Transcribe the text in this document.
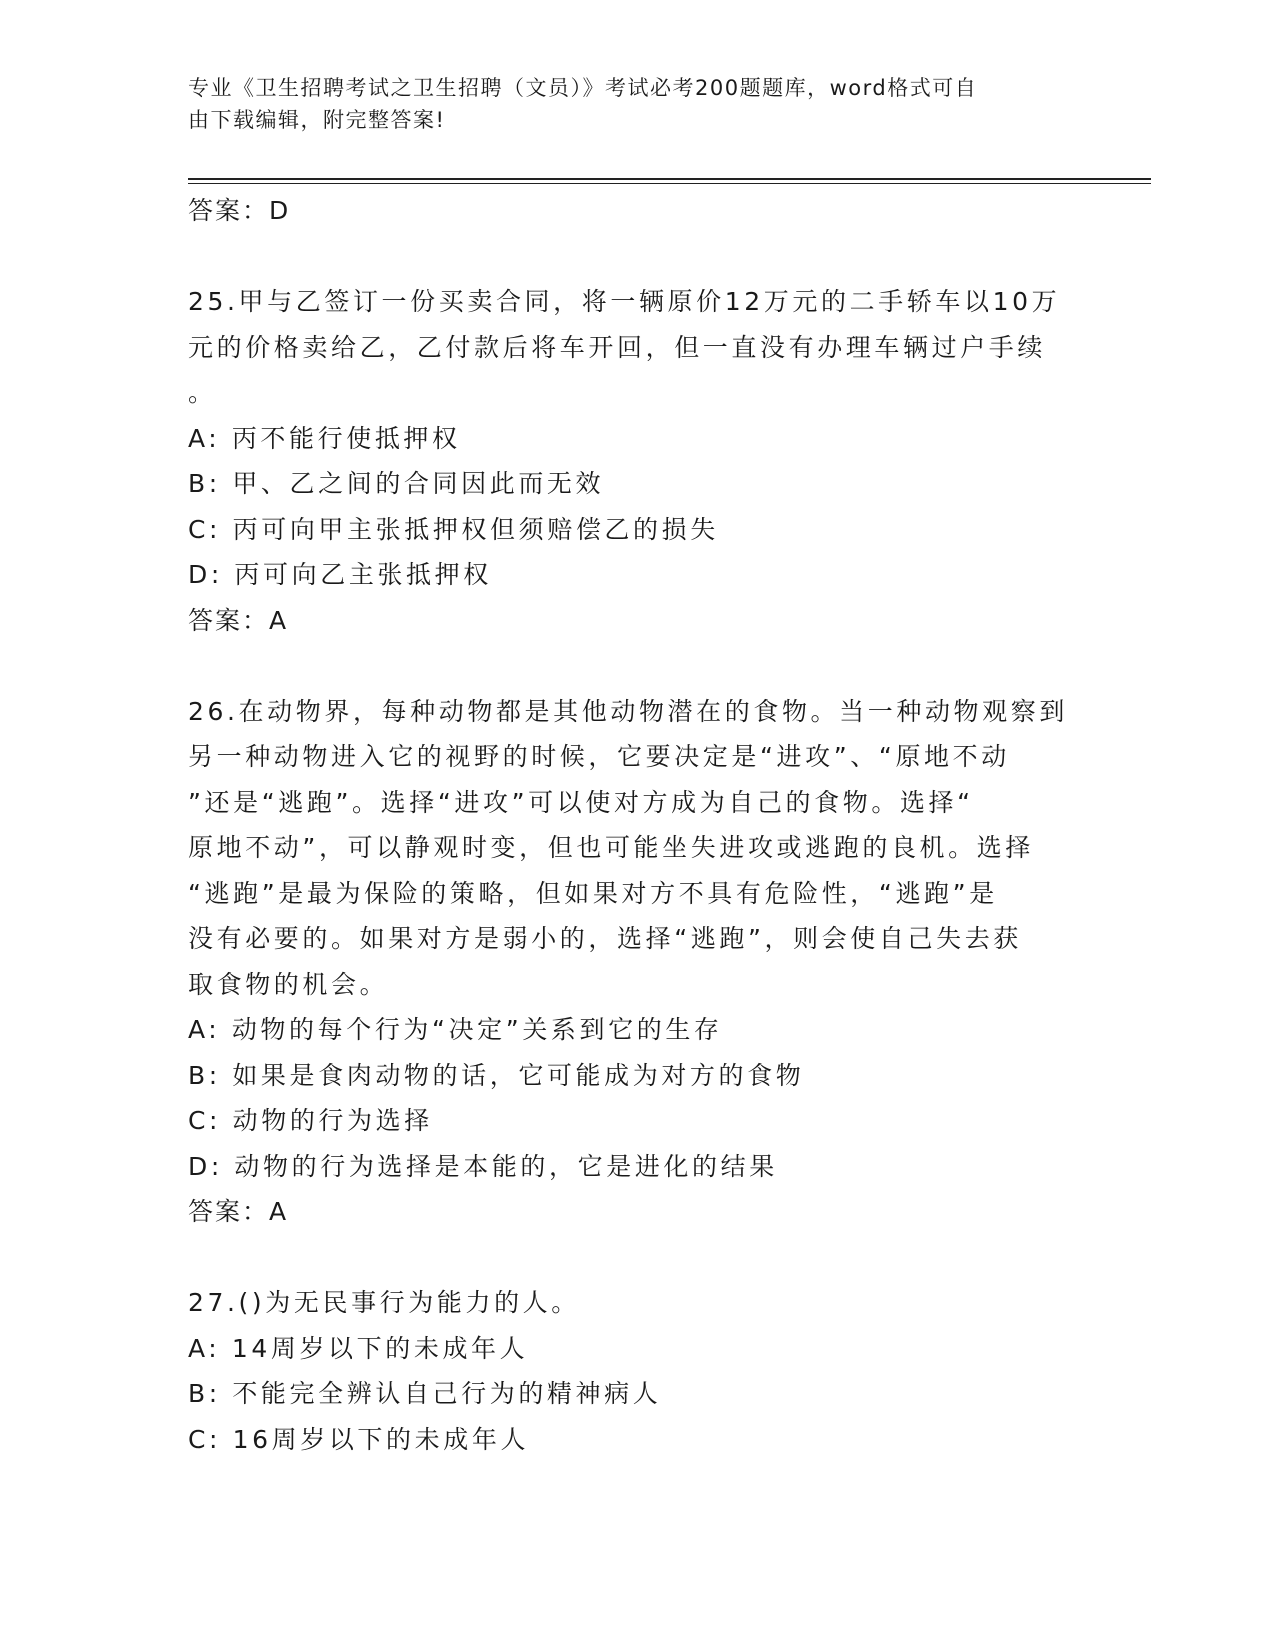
专业《卫生招聘考试之卫生招聘（文员）》考试必考200题题库，word格式可自
由下载编辑，附完整答案!
答案：D
25.甲与乙签订一份买卖合同，将一辆原价12万元的二手轿车以10万
元的价格卖给乙，乙付款后将车开回，但一直没有办理车辆过户手续
。
A: 丙不能行使抵押权
B: 甲、乙之间的合同因此而无效
C: 丙可向甲主张抵押权但须赔偿乙的损失
D: 丙可向乙主张抵押权
答案：A
26.在动物界，每种动物都是其他动物潜在的食物。当一种动物观察到
另一种动物进入它的视野的时候，它要决定是“进攻”、“原地不动
”还是“逃跑”。选择“进攻”可以使对方成为自己的食物。选择“
原地不动”，可以静观时变，但也可能坐失进攻或逃跑的良机。选择
“逃跑”是最为保险的策略，但如果对方不具有危险性，“逃跑”是
没有必要的。如果对方是弱小的，选择“逃跑”，则会使自己失去获
取食物的机会。
A: 动物的每个行为“决定”关系到它的生存
B: 如果是食肉动物的话，它可能成为对方的食物
C: 动物的行为选择
D: 动物的行为选择是本能的，它是进化的结果
答案：A
27.()为无民事行为能力的人。
A: 14周岁以下的未成年人
B: 不能完全辨认自己行为的精神病人
C: 16周岁以下的未成年人
